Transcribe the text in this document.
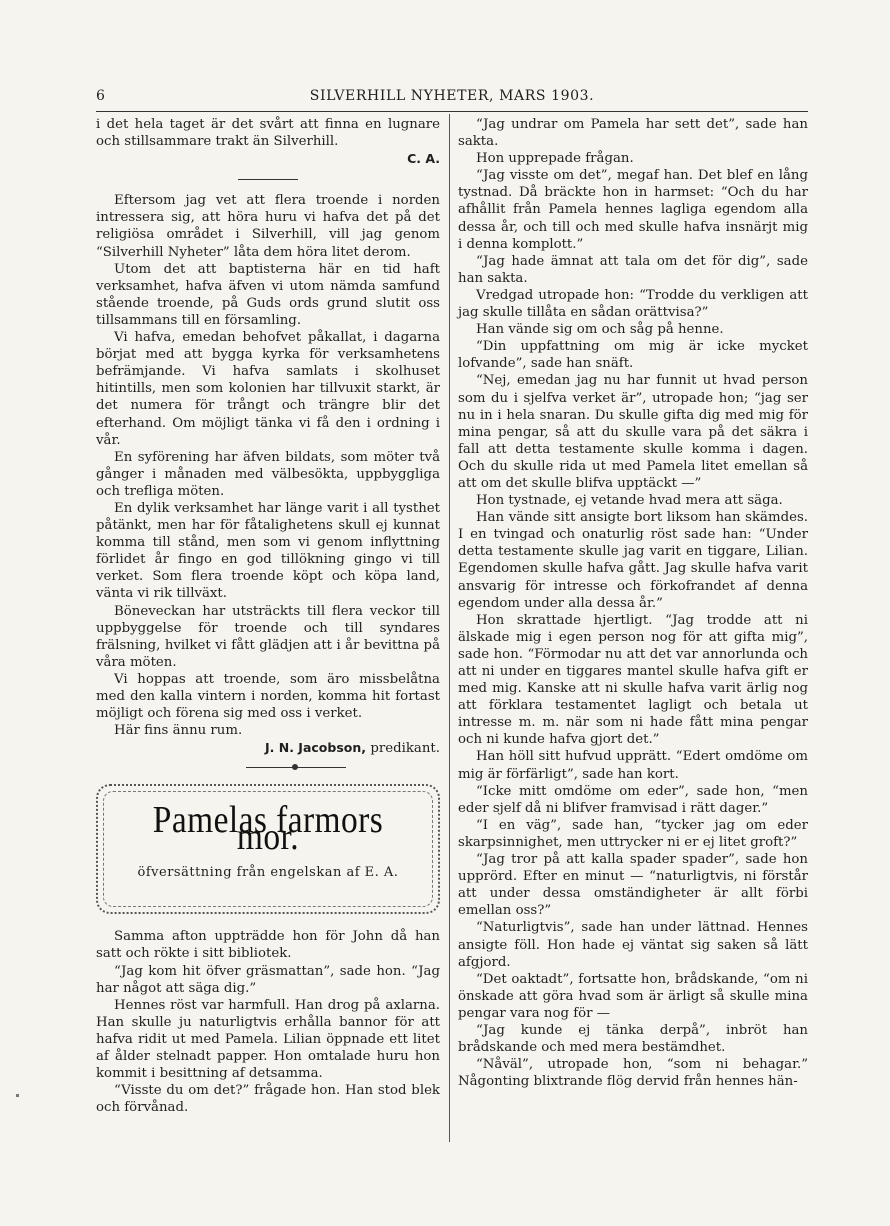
6	SILVERHILL NYHETER, MARS 1903.

i det hela taget är det svårt att finna en lugnare och stillsammare trakt än Silverhill.

C. A.

Eftersom jag vet att flera troende i norden intressera sig, att höra huru vi hafva det på det religiösa området i Silverhill, vill jag genom “Silverhill Nyheter” låta dem höra litet derom.

Utom det att baptisterna här en tid haft verksamhet, hafva äfven vi utom nämda samfund stående troende, på Guds ords grund slutit oss tillsammans till en församling.

Vi hafva, emedan behofvet påkallat, i dagarna börjat med att bygga kyrka för verksamhetens befrämjande. Vi hafva samlats i skolhuset hitintills, men som kolonien har tillvuxit starkt, är det numera för trångt och trängre blir det efterhand. Om möjligt tänka vi få den i ordning i vår.

En syförening har äfven bildats, som möter två gånger i månaden med välbesökta, uppbyggliga och trefliga möten.

En dylik verksamhet har länge varit i all tysthet påtänkt, men har för fåtalighetens skull ej kunnat komma till stånd, men som vi genom inflyttning förlidet år fingo en god tillökning gingo vi till verket. Som flera troende köpt och köpa land, vänta vi rik tillväxt.

Böneveckan har utsträckts till flera veckor till uppbyggelse för troende och till syndares frälsning, hvilket vi fått glädjen att i år bevittna på våra möten.

Vi hoppas att troende, som äro missbelåtna med den kalla vintern i norden, komma hit fortast möjligt och förena sig med oss i verket.

Här fins ännu rum.

J. N. Jacobson, predikant.

Pamelas farmors mor.
öfversättning från engelskan af E. A.

Samma afton uppträdde hon för John då han satt och rökte i sitt bibliotek.

“Jag kom hit öfver gräsmattan”, sade hon. “Jag har något att säga dig.”

Hennes röst var harmfull. Han drog på axlarna. Han skulle ju naturligtvis erhålla bannor för att hafva ridit ut med Pamela. Lilian öppnade ett litet af ålder stelnadt papper. Hon omtalade huru hon kommit i besittning af detsamma.

“Visste du om det?” frågade hon. Han stod blek och förvånad.

“Jag undrar om Pamela har sett det”, sade han sakta.

Hon upprepade frågan.

“Jag visste om det”, megaf han. Det blef en lång tystnad. Då bräckte hon in harmset: “Och du har afhållit från Pamela hennes lagliga egendom alla dessa år, och till och med skulle hafva insnärjt mig i denna komplott.”

“Jag hade ämnat att tala om det för dig”, sade han sakta.

Vredgad utropade hon: “Trodde du verkligen att jag skulle tillåta en sådan orättvisa?”

Han vände sig om och såg på henne.

“Din uppfattning om mig är icke mycket lofvande”, sade han snäft.

“Nej, emedan jag nu har funnit ut hvad person som du i sjelfva verket är”, utropade hon; “jag ser nu in i hela snaran. Du skulle gifta dig med mig för mina pengar, så att du skulle vara på det säkra i fall att detta testamente skulle komma i dagen. Och du skulle rida ut med Pamela litet emellan så att om det skulle blifva upptäckt —”

Hon tystnade, ej vetande hvad mera att säga.

Han vände sitt ansigte bort liksom han skämdes. I en tvingad och onaturlig röst sade han: “Under detta testamente skulle jag varit en tiggare, Lilian. Egendomen skulle hafva gått. Jag skulle hafva varit ansvarig för intresse och förkofrandet af denna egendom under alla dessa år.”

Hon skrattade hjertligt. “Jag trodde att ni älskade mig i egen person nog för att gifta mig”, sade hon. “Förmodar nu att det var annorlunda och att ni under en tiggares mantel skulle hafva gift er med mig. Kanske att ni skulle hafva varit ärlig nog att förklara testamentet lagligt och betala ut intresse m. m. när som ni hade fått mina pengar och ni kunde hafva gjort det.”

Han höll sitt hufvud upprätt. “Edert omdöme om mig är förfärligt”, sade han kort.

“Icke mitt omdöme om eder”, sade hon, “men eder sjelf då ni blifver framvisad i rätt dager.”

“I en väg”, sade han, “tycker jag om eder skarpsinnighet, men uttrycker ni er ej litet groft?”

“Jag tror på att kalla spader spader”, sade hon upprörd. Efter en minut — “naturligtvis, ni förstår att under dessa omständigheter är allt förbi emellan oss?”

“Naturligtvis”, sade han under lättnad. Hennes ansigte föll. Hon hade ej väntat sig saken så lätt afgjord.

“Det oaktadt”, fortsatte hon, brådskande, “om ni önskade att göra hvad som är ärligt så skulle mina pengar vara nog för —

“Jag kunde ej tänka derpå”, inbröt han brådskande och med mera bestämdhet.

“Nåväl”, utropade hon, “som ni behagar.” Någonting blixtrande flög dervid från hennes hän-
